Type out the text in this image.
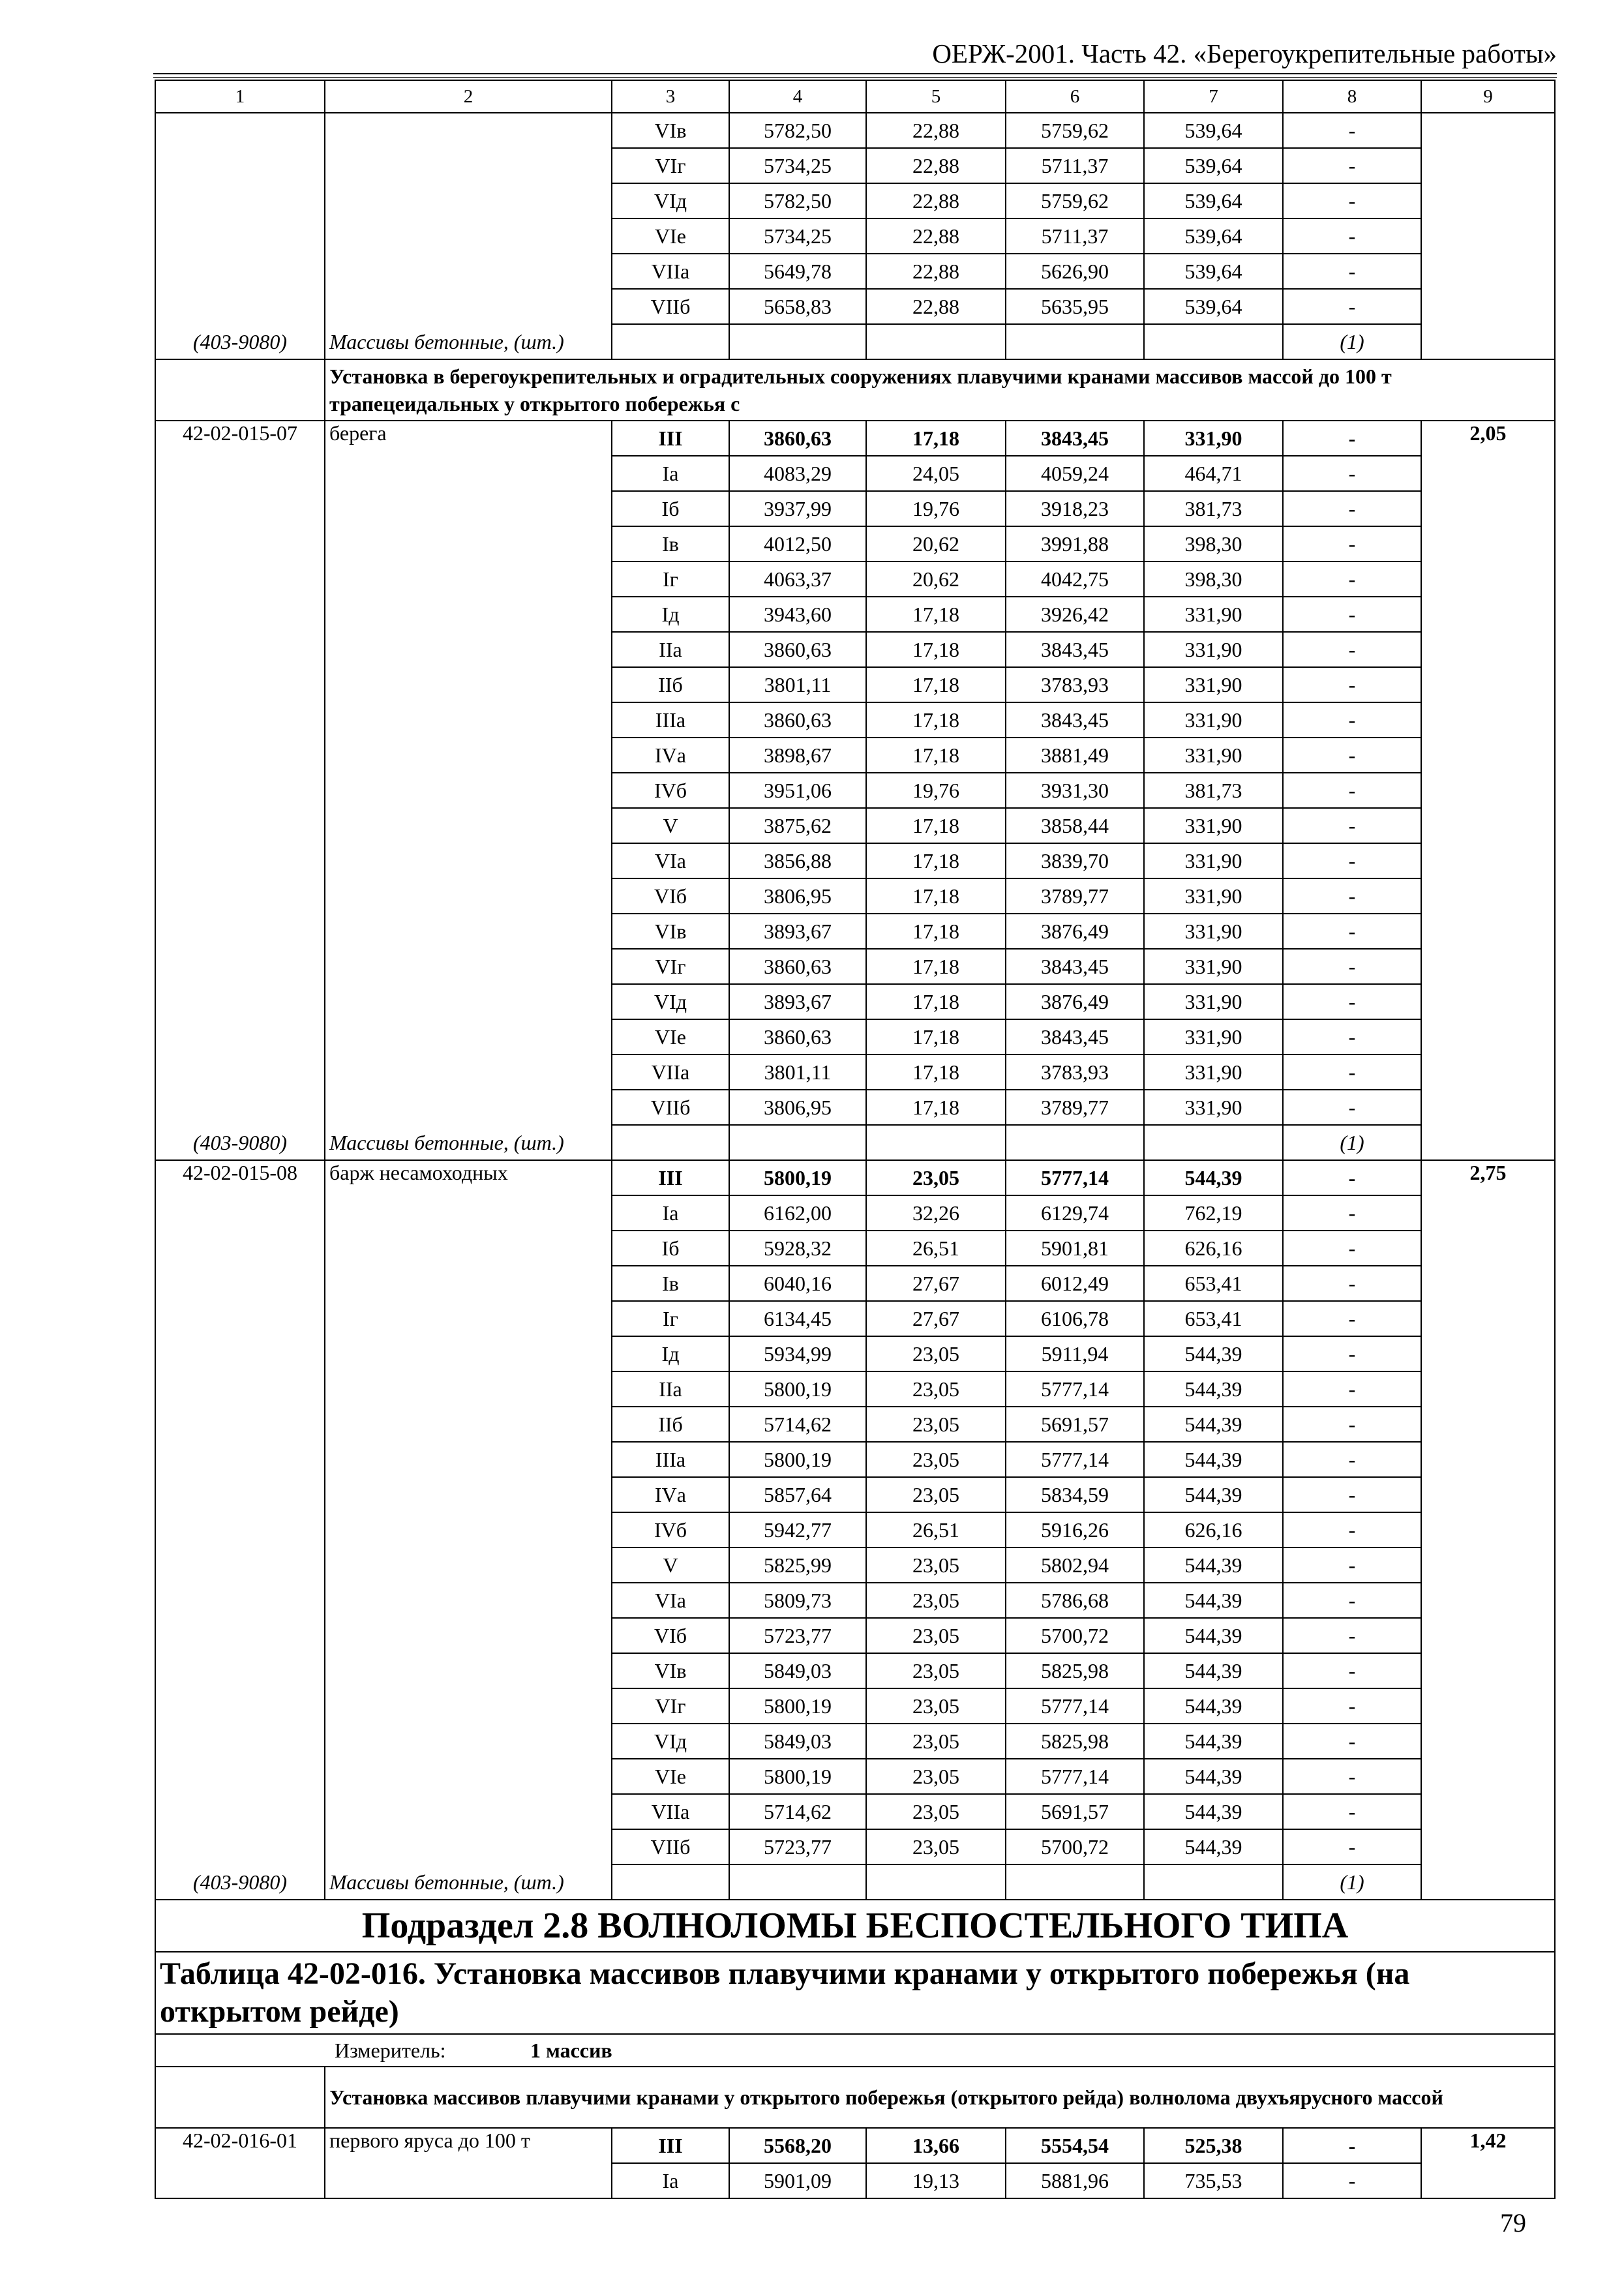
ОЕРЖ-2001. Часть 42. «Берегоукрепительные работы»
1	2	3	4	5	6	7	8	9
		VIв	5782,50	22,88	5759,62	539,64	-	
		VIг	5734,25	22,88	5711,37	539,64	-	
		VIд	5782,50	22,88	5759,62	539,64	-	
		VIе	5734,25	22,88	5711,37	539,64	-	
		VIIа	5649,78	22,88	5626,90	539,64	-	
		VIIб	5658,83	22,88	5635,95	539,64	-	
(403-9080)	Массивы бетонные, (шт.)						(1)	
	Установка в берегоукрепительных и оградительных сооружениях плавучими кранами массивов массой до 100 т трапецеидальных у открытого побережья с							
42-02-015-07	берега	III	3860,63	17,18	3843,45	331,90	-	2,05
		Iа	4083,29	24,05	4059,24	464,71	-	
		Iб	3937,99	19,76	3918,23	381,73	-	
		Iв	4012,50	20,62	3991,88	398,30	-	
		Iг	4063,37	20,62	4042,75	398,30	-	
		Iд	3943,60	17,18	3926,42	331,90	-	
		IIа	3860,63	17,18	3843,45	331,90	-	
		IIб	3801,11	17,18	3783,93	331,90	-	
		IIIа	3860,63	17,18	3843,45	331,90	-	
		IVа	3898,67	17,18	3881,49	331,90	-	
		IVб	3951,06	19,76	3931,30	381,73	-	
		V	3875,62	17,18	3858,44	331,90	-	
		VIа	3856,88	17,18	3839,70	331,90	-	
		VIб	3806,95	17,18	3789,77	331,90	-	
		VIв	3893,67	17,18	3876,49	331,90	-	
		VIг	3860,63	17,18	3843,45	331,90	-	
		VIд	3893,67	17,18	3876,49	331,90	-	
		VIе	3860,63	17,18	3843,45	331,90	-	
		VIIа	3801,11	17,18	3783,93	331,90	-	
		VIIб	3806,95	17,18	3789,77	331,90	-	
(403-9080)	Массивы бетонные, (шт.)						(1)	
42-02-015-08	барж несамоходных	III	5800,19	23,05	5777,14	544,39	-	2,75
		Iа	6162,00	32,26	6129,74	762,19	-	
		Iб	5928,32	26,51	5901,81	626,16	-	
		Iв	6040,16	27,67	6012,49	653,41	-	
		Iг	6134,45	27,67	6106,78	653,41	-	
		Iд	5934,99	23,05	5911,94	544,39	-	
		IIа	5800,19	23,05	5777,14	544,39	-	
		IIб	5714,62	23,05	5691,57	544,39	-	
		IIIа	5800,19	23,05	5777,14	544,39	-	
		IVа	5857,64	23,05	5834,59	544,39	-	
		IVб	5942,77	26,51	5916,26	626,16	-	
		V	5825,99	23,05	5802,94	544,39	-	
		VIа	5809,73	23,05	5786,68	544,39	-	
		VIб	5723,77	23,05	5700,72	544,39	-	
		VIв	5849,03	23,05	5825,98	544,39	-	
		VIг	5800,19	23,05	5777,14	544,39	-	
		VIд	5849,03	23,05	5825,98	544,39	-	
		VIе	5800,19	23,05	5777,14	544,39	-	
		VIIа	5714,62	23,05	5691,57	544,39	-	
		VIIб	5723,77	23,05	5700,72	544,39	-	
(403-9080)	Массивы бетонные, (шт.)						(1)	
Подраздел 2.8 ВОЛНОЛОМЫ БЕСПОСТЕЛЬНОГО ТИПА								
Таблица 42-02-016. Установка массивов плавучими кранами у открытого побережья (на открытом рейде)								
Измеритель: 1 массив								
	Установка массивов плавучими кранами у открытого побережья (открытого рейда) волнолома двухъярусного массой							
42-02-016-01	первого яруса до 100 т	III	5568,20	13,66	5554,54	525,38	-	1,42
		Iа	5901,09	19,13	5881,96	735,53	-	
79
